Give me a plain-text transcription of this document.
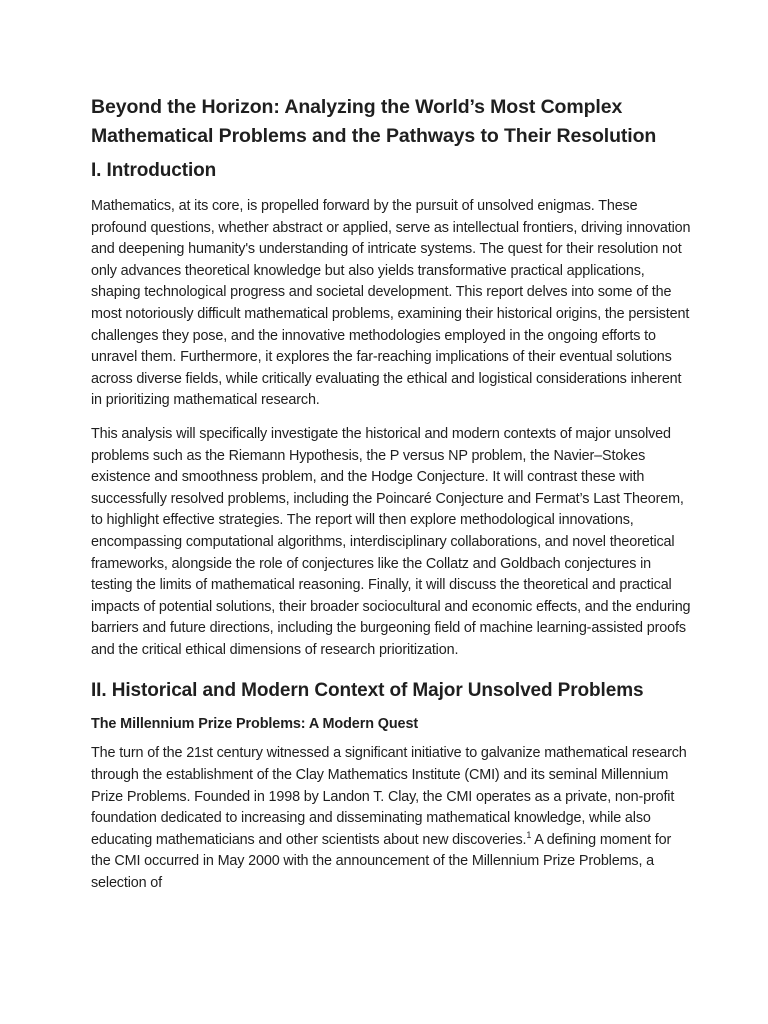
Beyond the Horizon: Analyzing the World’s Most Complex Mathematical Problems and the Pathways to Their Resolution
I. Introduction

Mathematics, at its core, is propelled forward by the pursuit of unsolved enigmas. These profound questions, whether abstract or applied, serve as intellectual frontiers, driving innovation and deepening humanity's understanding of intricate systems. The quest for their resolution not only advances theoretical knowledge but also yields transformative practical applications, shaping technological progress and societal development. This report delves into some of the most notoriously difficult mathematical problems, examining their historical origins, the persistent challenges they pose, and the innovative methodologies employed in the ongoing efforts to unravel them. Furthermore, it explores the far-reaching implications of their eventual solutions across diverse fields, while critically evaluating the ethical and logistical considerations inherent in prioritizing mathematical research.

This analysis will specifically investigate the historical and modern contexts of major unsolved problems such as the Riemann Hypothesis, the P versus NP problem, the Navier–Stokes existence and smoothness problem, and the Hodge Conjecture. It will contrast these with successfully resolved problems, including the Poincaré Conjecture and Fermat’s Last Theorem, to highlight effective strategies. The report will then explore methodological innovations, encompassing computational algorithms, interdisciplinary collaborations, and novel theoretical frameworks, alongside the role of conjectures like the Collatz and Goldbach conjectures in testing the limits of mathematical reasoning. Finally, it will discuss the theoretical and practical impacts of potential solutions, their broader sociocultural and economic effects, and the enduring barriers and future directions, including the burgeoning field of machine learning-assisted proofs and the critical ethical dimensions of research prioritization.

II. Historical and Modern Context of Major Unsolved Problems
The Millennium Prize Problems: A Modern Quest

The turn of the 21st century witnessed a significant initiative to galvanize mathematical research through the establishment of the Clay Mathematics Institute (CMI) and its seminal Millennium Prize Problems. Founded in 1998 by Landon T. Clay, the CMI operates as a private, non-profit foundation dedicated to increasing and disseminating mathematical knowledge, while also educating mathematicians and other scientists about new discoveries.$^1$ A defining moment for the CMI occurred in May 2000 with the announcement of the Millennium Prize Problems, a selection of
